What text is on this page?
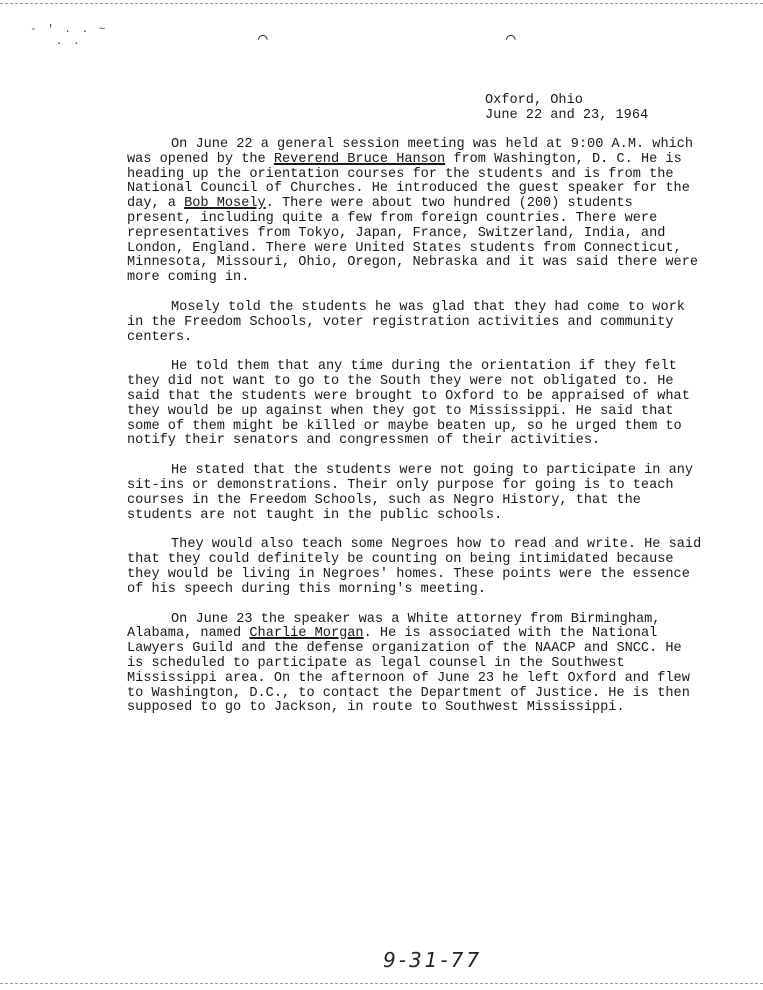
- ' . . ~
. .	⌒	⌒
Oxford, Ohio
June 22 and 23, 1964

On June 22 a general session meeting was held at 9:00 A.M. which was opened by the Reverend Bruce Hanson from Washington, D. C. He is heading up the orientation courses for the students and is from the National Council of Churches. He introduced the guest speaker for the day, a Bob Mosely. There were about two hundred (200) students present, including quite a few from foreign countries. There were representatives from Tokyo, Japan, France, Switzerland, India, and London, England. There were United States students from Connecticut, Minnesota, Missouri, Ohio, Oregon, Nebraska and it was said there were more coming in.

Mosely told the students he was glad that they had come to work in the Freedom Schools, voter registration activities and community centers.

He told them that any time during the orientation if they felt they did not want to go to the South they were not obligated to. He said that the students were brought to Oxford to be appraised of what they would be up against when they got to Mississippi. He said that some of them might be killed or maybe beaten up, so he urged them to notify their senators and congressmen of their activities.

He stated that the students were not going to participate in any sit-ins or demonstrations. Their only purpose for going is to teach courses in the Freedom Schools, such as Negro History, that the students are not taught in the public schools.

They would also teach some Negroes how to read and write. He said that they could definitely be counting on being intimidated because they would be living in Negroes' homes. These points were the essence of his speech during this morning's meeting.

On June 23 the speaker was a White attorney from Birmingham, Alabama, named Charlie Morgan. He is associated with the National Lawyers Guild and the defense organization of the NAACP and SNCC. He is scheduled to participate as legal counsel in the Southwest Mississippi area. On the afternoon of June 23 he left Oxford and flew to Washington, D.C., to contact the Department of Justice. He is then supposed to go to Jackson, in route to Southwest Mississippi.

9-31-77
